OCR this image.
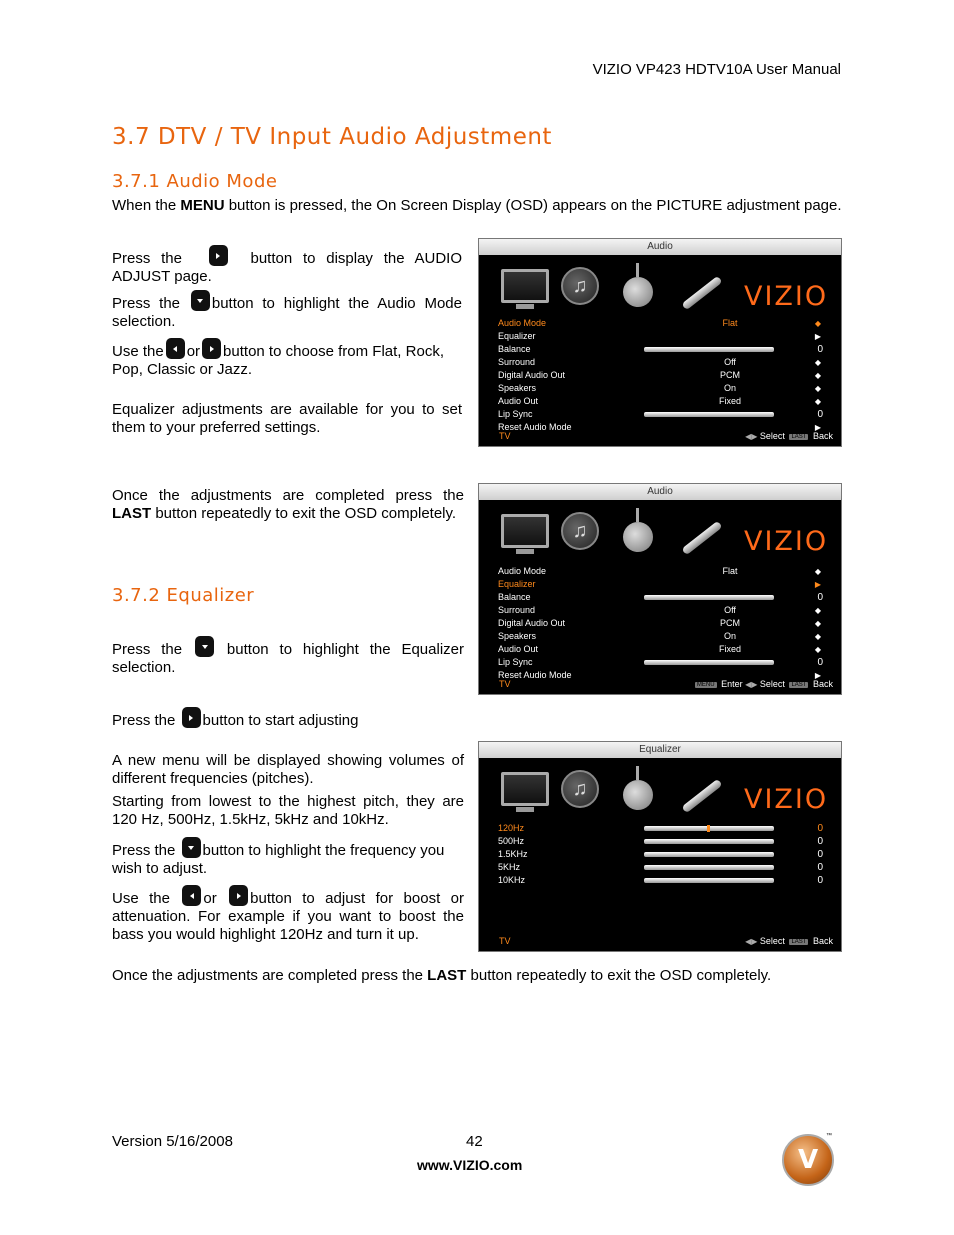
VIZIO VP423 HDTV10A User Manual
3.7 DTV / TV Input Audio Adjustment
3.7.1 Audio Mode
When the MENU button is pressed, the On Screen Display (OSD) appears on the PICTURE adjustment page.
Press the	button to display the AUDIO ADJUST page.
Press the button to highlight the Audio Mode selection.
Use the or button to choose from Flat, Rock, Pop, Classic or Jazz.
Equalizer adjustments are available for you to set them to your preferred settings.
Once the adjustments are completed press the LAST button repeatedly to exit the OSD completely.
3.7.2 Equalizer
Press the	button to highlight the Equalizer selection.
Press the button to start adjusting
A new menu will be displayed showing volumes of different frequencies (pitches).
Starting from lowest to the highest pitch, they are 120 Hz, 500Hz, 1.5kHz, 5kHz and 10kHz.
Press the button to highlight the frequency you wish to adjust.
Use the or button to adjust for boost or attenuation. For example if you want to boost the bass you would highlight 120Hz and turn it up.
Once the adjustments are completed press the LAST button repeatedly to exit the OSD completely.
Audio
♫	VIZIO
Audio Mode	Flat	◆
Equalizer	▶
Balance	0
Surround	Off	◆
Digital Audio Out	PCM	◆
Speakers	On	◆
Audio Out	Fixed	◆
Lip Sync	0
Reset Audio Mode	▶
TV	◀▶ Select LAST Back
Audio
♫	VIZIO
Audio Mode	Flat	◆
Equalizer	▶
Balance	0
Surround	Off	◆
Digital Audio Out	PCM	◆
Speakers	On	◆
Audio Out	Fixed	◆
Lip Sync	0
Reset Audio Mode	▶
TV	MENU Enter ◀▶ Select LAST Back
Equalizer
♫	VIZIO
120Hz	0
500Hz	0
1.5KHz	0
5KHz	0
10KHz	0
TV	◀▶ Select LAST Back
Version 5/16/2008	42
www.VIZIO.com	V
™
